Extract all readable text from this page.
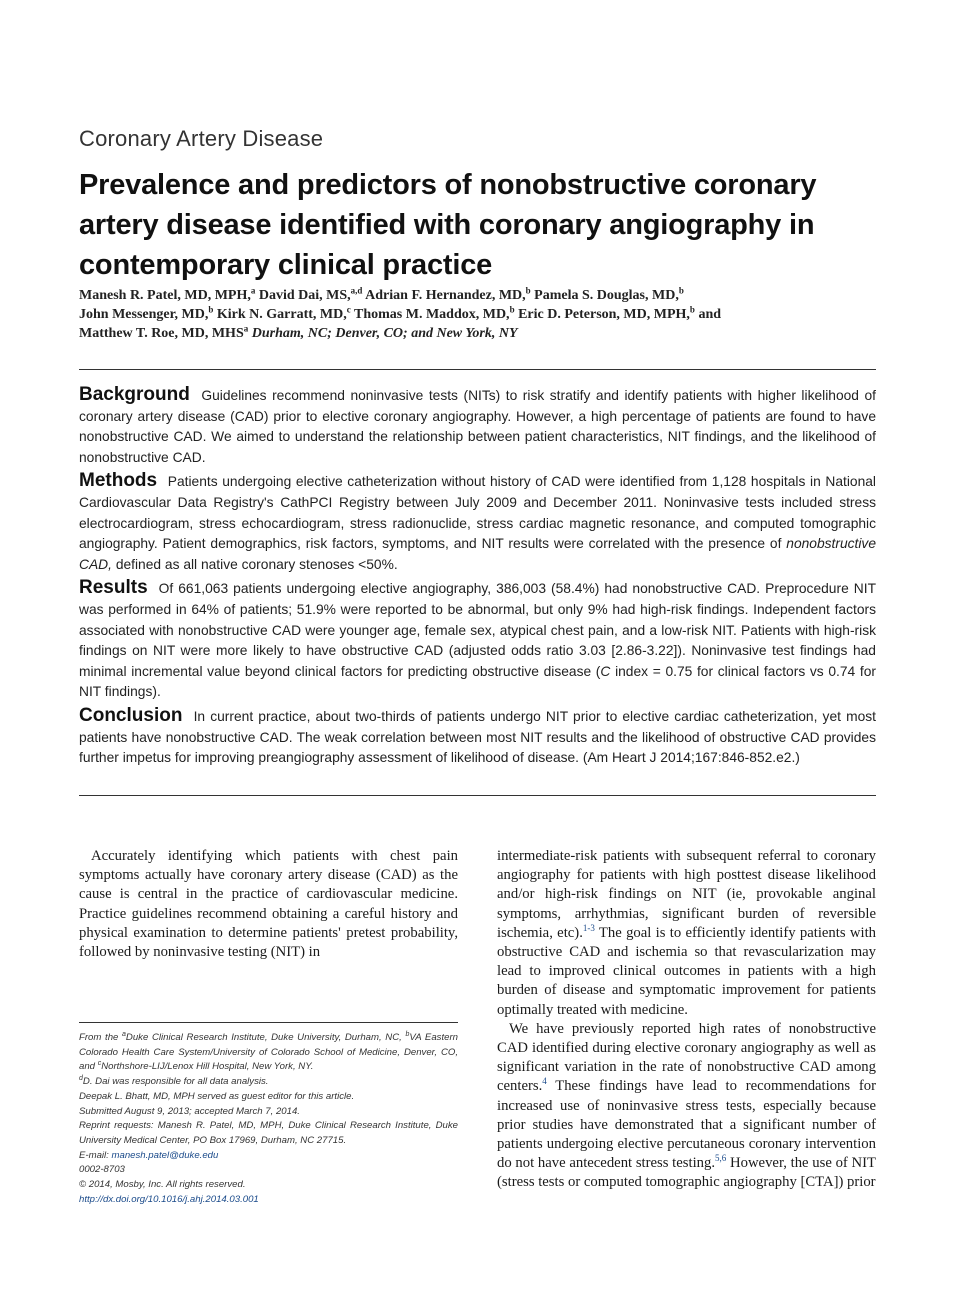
Coronary Artery Disease
Prevalence and predictors of nonobstructive coronary artery disease identified with coronary angiography in contemporary clinical practice
Manesh R. Patel, MD, MPH,$^a$ David Dai, MS,$^{a,d}$ Adrian F. Hernandez, MD,$^b$ Pamela S. Douglas, MD,$^b$
John Messenger, MD,$^b$ Kirk N. Garratt, MD,$^c$ Thomas M. Maddox, MD,$^b$ Eric D. Peterson, MD, MPH,$^b$ and
Matthew T. Roe, MD, MHS$^a$ Durham, NC; Denver, CO; and New York, NY

Background Guidelines recommend noninvasive tests (NITs) to risk stratify and identify patients with higher likelihood of coronary artery disease (CAD) prior to elective coronary angiography. However, a high percentage of patients are found to have nonobstructive CAD. We aimed to understand the relationship between patient characteristics, NIT findings, and the likelihood of nonobstructive CAD.

Methods Patients undergoing elective catheterization without history of CAD were identified from 1,128 hospitals in National Cardiovascular Data Registry's CathPCI Registry between July 2009 and December 2011. Noninvasive tests included stress electrocardiogram, stress echocardiogram, stress radionuclide, stress cardiac magnetic resonance, and computed tomographic angiography. Patient demographics, risk factors, symptoms, and NIT results were correlated with the presence of nonobstructive CAD, defined as all native coronary stenoses <50%.

Results Of 661,063 patients undergoing elective angiography, 386,003 (58.4%) had nonobstructive CAD. Preprocedure NIT was performed in 64% of patients; 51.9% were reported to be abnormal, but only 9% had high-risk findings. Independent factors associated with nonobstructive CAD were younger age, female sex, atypical chest pain, and a low-risk NIT. Patients with high-risk findings on NIT were more likely to have obstructive CAD (adjusted odds ratio 3.03 [2.86-3.22]). Noninvasive test findings had minimal incremental value beyond clinical factors for predicting obstructive disease (C index = 0.75 for clinical factors vs 0.74 for NIT findings).

Conclusion In current practice, about two-thirds of patients undergo NIT prior to elective cardiac catheterization, yet most patients have nonobstructive CAD. The weak correlation between most NIT results and the likelihood of obstructive CAD provides further impetus for improving preangiography assessment of likelihood of disease. (Am Heart J 2014;167:846-852.e2.)

Accurately identifying which patients with chest pain symptoms actually have coronary artery disease (CAD) as the cause is central in the practice of cardiovascular medicine. Practice guidelines recommend obtaining a careful history and physical examination to determine patients' pretest probability, followed by noninvasive testing (NIT) in

From the $^a$Duke Clinical Research Institute, Duke University, Durham, NC, $^b$VA Eastern Colorado Health Care System/University of Colorado School of Medicine, Denver, CO, and $^c$Northshore-LIJ/Lenox Hill Hospital, New York, NY.
$^d$D. Dai was responsible for all data analysis.
Deepak L. Bhatt, MD, MPH served as guest editor for this article.
Submitted August 9, 2013; accepted March 7, 2014.
Reprint requests: Manesh R. Patel, MD, MPH, Duke Clinical Research Institute, Duke University Medical Center, PO Box 17969, Durham, NC 27715.
E-mail: manesh.patel@duke.edu
0002-8703
© 2014, Mosby, Inc. All rights reserved.
http://dx.doi.org/10.1016/j.ahj.2014.03.001

intermediate-risk patients with subsequent referral to coronary angiography for patients with high posttest disease likelihood and/or high-risk findings on NIT (ie, provokable anginal symptoms, arrhythmias, significant burden of reversible ischemia, etc).$^{1-3}$ The goal is to efficiently identify patients with obstructive CAD and ischemia so that revascularization may lead to improved clinical outcomes in patients with a high burden of disease and symptomatic improvement for patients optimally treated with medicine.

We have previously reported high rates of nonobstructive CAD identified during elective coronary angiography as well as significant variation in the rate of nonobstructive CAD among centers.$^4$ These findings have lead to recommendations for increased use of noninvasive stress tests, especially because prior studies have demonstrated that a significant number of patients undergoing elective percutaneous coronary intervention do not have antecedent stress testing.$^{5,6}$ However, the use of NIT (stress tests or computed tomographic angiography [CTA]) prior
